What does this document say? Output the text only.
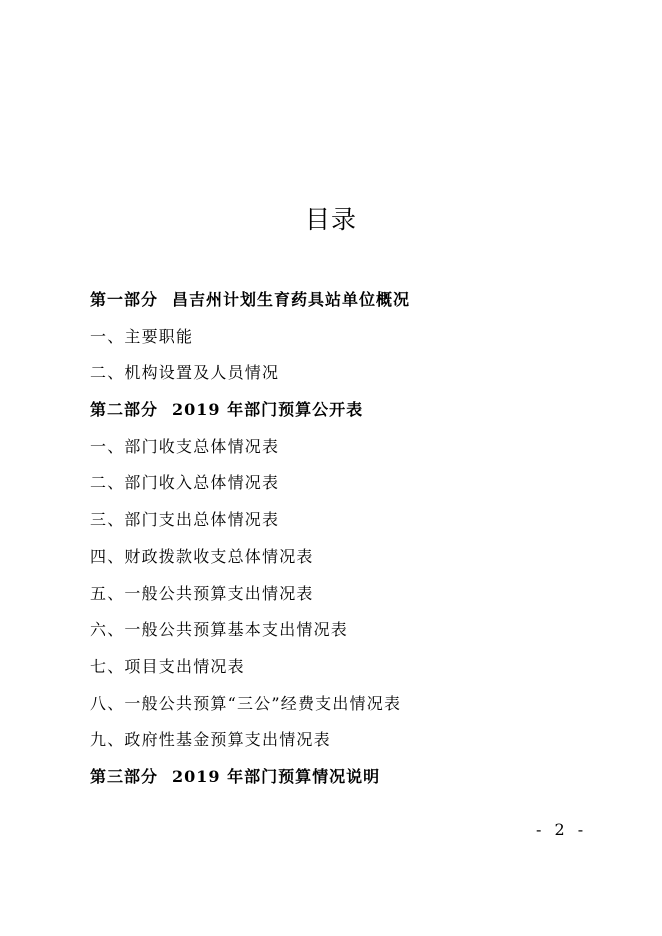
目录
第一部分 昌吉州计划生育药具站单位概况
一、主要职能
二、机构设置及人员情况
第二部分 2019 年部门预算公开表
一、部门收支总体情况表
二、部门收入总体情况表
三、部门支出总体情况表
四、财政拨款收支总体情况表
五、一般公共预算支出情况表
六、一般公共预算基本支出情况表
七、项目支出情况表
八、一般公共预算“三公”经费支出情况表
九、政府性基金预算支出情况表
第三部分 2019 年部门预算情况说明
- 2 -
